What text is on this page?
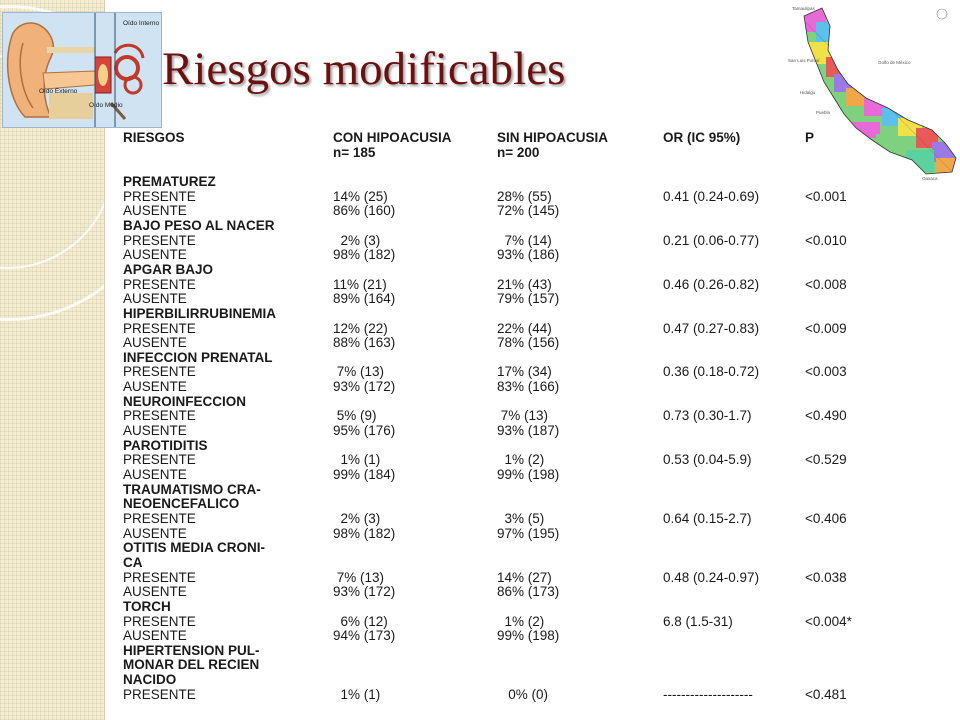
Oído Interno
Oído Externo
Oído Medio
Riesgos modificables
Tamaulipas
San Luis Potosí
Hidalgo
Golfo de México
Puebla
Oaxaca
RIESGOS	CON HIPOACUSIA
n= 185
SIN HIPOACUSIA
n= 200
OR (IC 95%)	P
PREMATUREZ
PRESENTE	14% (25)	28% (55)	0.41 (0.24-0.69)	<0.001
AUSENTE	86% (160)	72% (145)
BAJO PESO AL NACER
PRESENTE	2% (3)	7% (14)	0.21 (0.06-0.77)	<0.010
AUSENTE	98% (182)	93% (186)
APGAR BAJO
PRESENTE	11% (21)	21% (43)	0.46 (0.26-0.82)	<0.008
AUSENTE	89% (164)	79% (157)
HIPERBILIRRUBINEMIA
PRESENTE	12% (22)	22% (44)	0.47 (0.27-0.83)	<0.009
AUSENTE	88% (163)	78% (156)
INFECCION PRENATAL
PRESENTE	7% (13)	17% (34)	0.36 (0.18-0.72)	<0.003
AUSENTE	93% (172)	83% (166)
NEUROINFECCION
PRESENTE	5% (9)	7% (13)	0.73 (0.30-1.7)	<0.490
AUSENTE	95% (176)	93% (187)
PAROTIDITIS
PRESENTE	1% (1)	1% (2)	0.53 (0.04-5.9)	<0.529
AUSENTE	99% (184)	99% (198)
TRAUMATISMO CRA-
NEOENCEFALICO
PRESENTE	2% (3)	3% (5)	0.64 (0.15-2.7)	<0.406
AUSENTE	98% (182)	97% (195)
OTITIS MEDIA CRONI-
CA
PRESENTE	7% (13)	14% (27)	0.48 (0.24-0.97)	<0.038
AUSENTE	93% (172)	86% (173)
TORCH
PRESENTE	6% (12)	1% (2)	6.8 (1.5-31)	<0.004*
AUSENTE	94% (173)	99% (198)
HIPERTENSION PUL-
MONAR DEL RECIEN
NACIDO
PRESENTE	1% (1)	0% (0)	--------------------	<0.481
